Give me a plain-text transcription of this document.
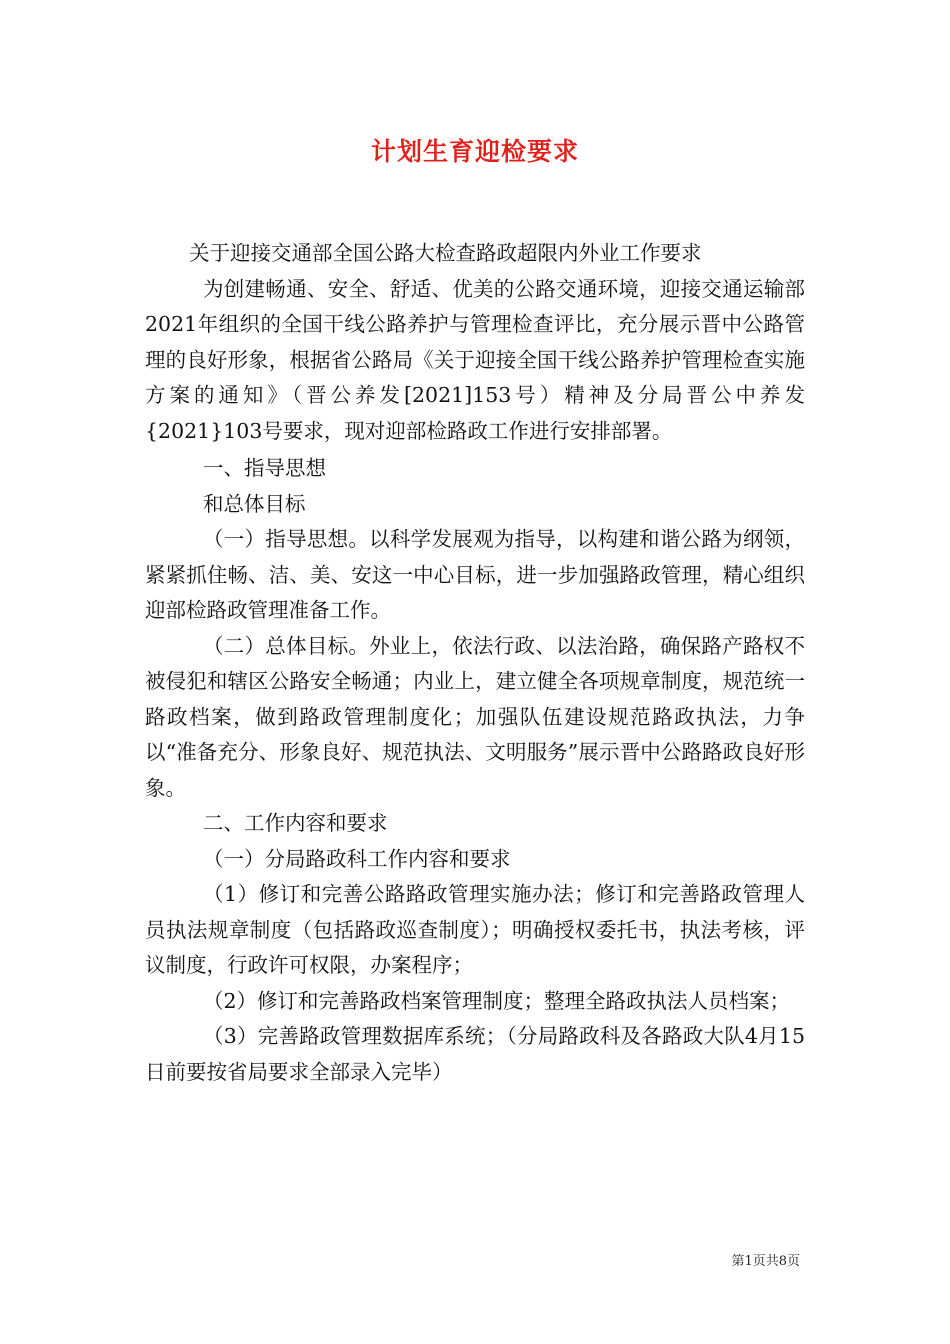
计划生育迎检要求

关于迎接交通部全国公路大检查路政超限内外业工作要求

为创建畅通、安全、舒适、优美的公路交通环境，迎接交通运输部2021年组织的全国干线公路养护与管理检查评比，充分展示晋中公路管理的良好形象，根据省公路局《关于迎接全国干线公路养护管理检查实施方案的通知》（晋公养发[2021]153号）精神及分局晋公中养发{2021}103号要求，现对迎部检路政工作进行安排部署。

一、指导思想

和总体目标

（一）指导思想。以科学发展观为指导，以构建和谐公路为纲领，紧紧抓住畅、洁、美、安这一中心目标，进一步加强路政管理，精心组织迎部检路政管理准备工作。

（二）总体目标。外业上，依法行政、以法治路，确保路产路权不被侵犯和辖区公路安全畅通；内业上，建立健全各项规章制度，规范统一路政档案，做到路政管理制度化；加强队伍建设规范路政执法，力争以“准备充分、形象良好、规范执法、文明服务”展示晋中公路路政良好形象。

二、工作内容和要求

（一）分局路政科工作内容和要求

（1）修订和完善公路路政管理实施办法；修订和完善路政管理人员执法规章制度（包括路政巡查制度）；明确授权委托书，执法考核，评议制度，行政许可权限，办案程序；

（2）修订和完善路政档案管理制度；整理全路政执法人员档案；

（3）完善路政管理数据库系统；（分局路政科及各路政大队4月15日前要按省局要求全部录入完毕）

第1页共8页
